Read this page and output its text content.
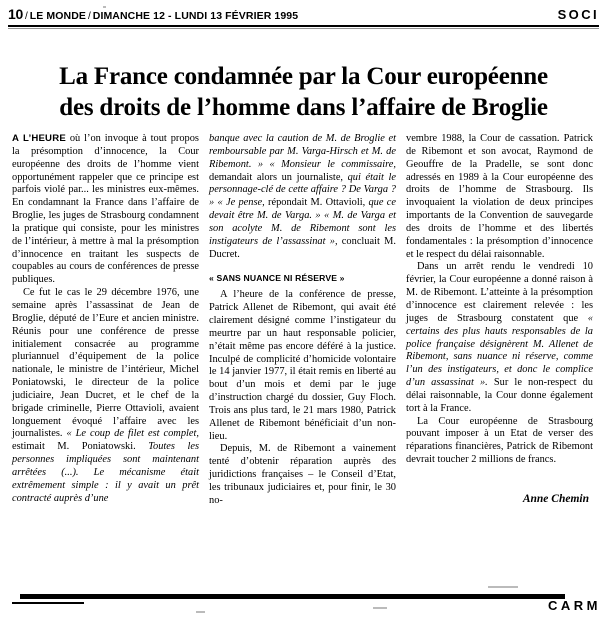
10 / LE MONDE / DIMANCHE 12 - LUNDI 13 FÉVRIER 1995	SOCI
La France condamnée par la Cour européenne
des droits de l’homme dans l’affaire de Broglie

A L’HEURE où l’on invoque à tout propos la présomption d’innocence, la Cour européenne des droits de l’homme vient opportunément rappeler que ce principe est parfois violé par... les ministres eux-mêmes. En condamnant la France dans l’affaire de Broglie, les juges de Strasbourg condamnent la pratique qui consiste, pour les ministres de l’intérieur, à mettre à mal la présomption d’innocence en traitant les suspects de coupables au cours de conférences de presse publiques.

Ce fut le cas le 29 décembre 1976, une semaine après l’assassinat de Jean de Broglie, député de l’Eure et ancien ministre. Réunis pour une conférence de presse initialement consacrée au programme pluriannuel d’équipement de la police nationale, le ministre de l’intérieur, Michel Poniatowski, le directeur de la police judiciaire, Jean Ducret, et le chef de la brigade criminelle, Pierre Ottavioli, avaient longuement évoqué l’affaire avec les journalistes. « Le coup de filet est complet, estimait M. Poniatowski. Toutes les personnes impliquées sont maintenant arrêtées (...). Le mécanisme était extrêmement simple : il y avait un prêt contracté auprès d’une

banque avec la caution de M. de Broglie et remboursable par M. Varga-Hirsch et M. de Ribemont. » « Monsieur le commissaire, demandait alors un journaliste, qui était le personnage-clé de cette affaire ? De Varga ? » « Je pense, répondait M. Ottavioli, que ce devait être M. de Varga. » « M. de Varga et son acolyte M. de Ribemont sont les instigateurs de l’assassinat », concluait M. Ducret.

« SANS NUANCE NI RÉSERVE »

A l’heure de la conférence de presse, Patrick Allenet de Ribemont, qui avait été clairement désigné comme l’instigateur du meurtre par un haut responsable policier, n’était même pas encore déféré à la justice. Inculpé de complicité d’homicide volontaire le 14 janvier 1977, il était remis en liberté au bout d’un mois et demi par le juge d’instruction chargé du dossier, Guy Floch. Trois ans plus tard, le 21 mars 1980, Patrick Allenet de Ribemont bénéficiait d’un non-lieu.

Depuis, M. de Ribemont a vainement tenté d’obtenir réparation auprès des juridictions françaises – le Conseil d’Etat, les tribunaux judiciaires et, pour finir, le 30 no-

vembre 1988, la Cour de cassation. Patrick de Ribemont et son avocat, Raymond de Geouffre de la Pradelle, se sont donc adressés en 1989 à la Cour européenne des droits de l’homme de Strasbourg. Ils invoquaient la violation de deux principes importants de la Convention de sauvegarde des droits de l’homme et des libertés fondamentales : la présomption d’innocence et le respect du délai raisonnable.

Dans un arrêt rendu le vendredi 10 février, la Cour européenne a donné raison à M. de Ribemont. L’atteinte à la présomption d’innocence est clairement relevée : les juges de Strasbourg constatent que « certains des plus hauts responsables de la police française désignèrent M. Allenet de Ribemont, sans nuance ni réserve, comme l’un des instigateurs, et donc le complice d’un assassinat ». Sur le non-respect du délai raisonnable, la Cour donne également tort à la France.

La Cour européenne de Strasbourg pouvant imposer à un Etat de verser des réparations financières, Patrick de Ribemont devrait toucher 2 millions de francs.

Anne Chemin
CARM
